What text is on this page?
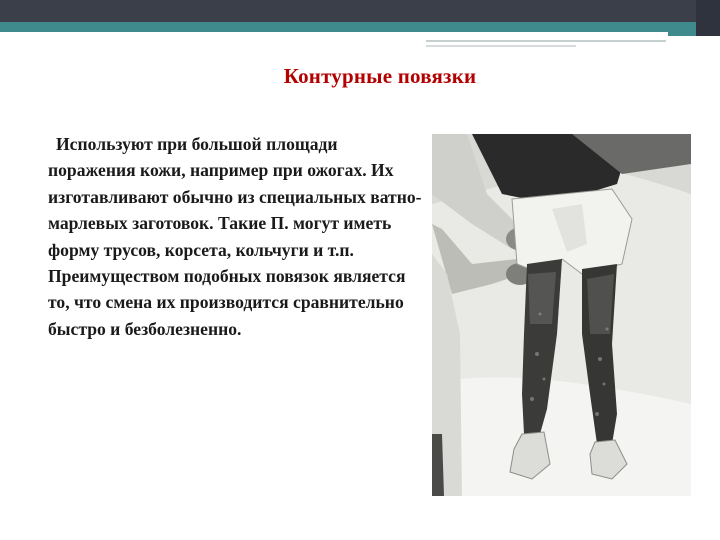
Контурные повязки
Используют при большой площади поражения кожи, например при ожогах. Их изготавливают обычно из специальных ватно-марлевых заготовок. Такие П. могут иметь форму трусов, корсета, кольчуги и т.п. Преимуществом подобных повязок является то, что смена их производится сравнительно быстро и безболезненно.
